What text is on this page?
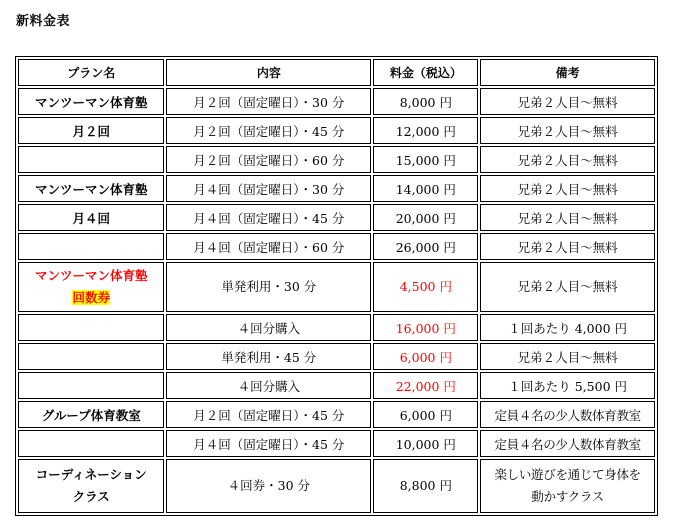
新料金表
プラン名	内容	料金（税込）	備考
マンツーマン体育塾	月２回（固定曜日）・30 分	8,000 円	兄弟２人目～無料
月２回	月２回（固定曜日）・45 分	12,000 円	兄弟２人目～無料
	月２回（固定曜日）・60 分	15,000 円	兄弟２人目～無料
マンツーマン体育塾	月４回（固定曜日）・30 分	14,000 円	兄弟２人目～無料
月４回	月４回（固定曜日）・45 分	20,000 円	兄弟２人目～無料
	月４回（固定曜日）・60 分	26,000 円	兄弟２人目～無料
マンツーマン体育塾
回数券	単発利用・30 分	4,500 円	兄弟２人目～無料
	４回分購入	16,000 円	１回あたり 4,000 円
	単発利用・45 分	6,000 円	兄弟２人目～無料
	４回分購入	22,000 円	１回あたり 5,500 円
グループ体育教室	月２回（固定曜日）・45 分	6,000 円	定員４名の少人数体育教室
	月４回（固定曜日）・45 分	10,000 円	定員４名の少人数体育教室
コーディネーション
クラス	４回券・30 分	8,800 円	楽しい遊びを通じて身体を
動かすクラス
